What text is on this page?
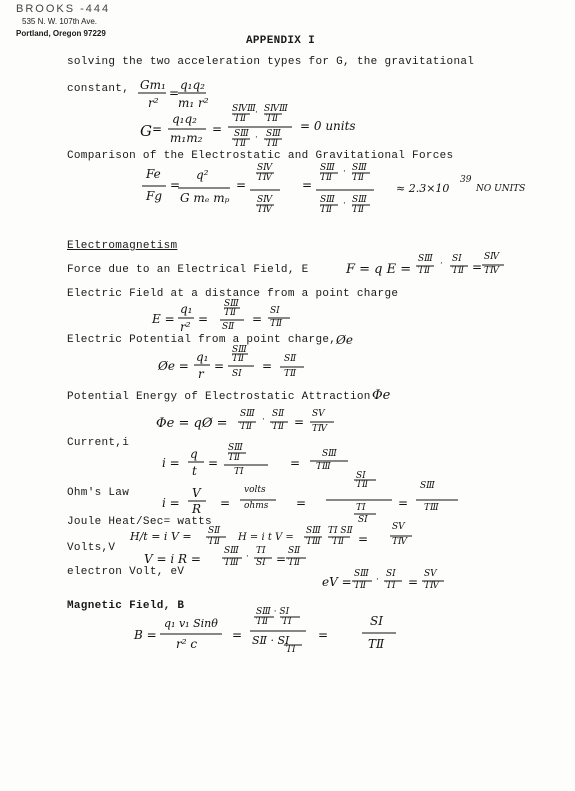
BROOKS -444
535 N. W. 107th Ave.
Portland, Oregon 97229
APPENDIX I
solving the two acceleration types for G, the gravitational
constant, Gm₁
r²
=
q₁q₂
m₁ r²
G =
q₁q₂
m₁m₂
=
SⅣⅢ
TⅡ
· SⅣⅢ
TⅡ
SⅢ
TⅡ
· SⅢ
TⅡ
= 0 units
Comparison of the Electrostatic and Gravitational Forces
Fe
Fg
=
q²
G mₑ mₚ
=
SⅣ
TⅣ
SⅣ
TⅣ
=
SⅢ
TⅡ
· SⅢ
TⅡ
SⅢ
TⅡ
· SⅢ
TⅡ
≈ 2.3×10
39
NO UNITS
Electromagnetism
Force due to an Electrical Field, E	F = q E =
SⅢ
TⅡ
· SⅠ
TⅡ =
SⅣ
TⅣ
Electric Field at a distance from a point charge
E =
q₁
r²
=
SⅢ
TⅡ
SⅡ
=
SⅠ
TⅡ
Electric Potential from a point charge, Øe
Øe =
q₁
r
=
SⅢ
TⅡ
SⅠ
= SⅡ
TⅡ
Potential Energy of Electrostatic Attraction Φe
Φe = qØ =
SⅢ
TⅡ
·
SⅡ
TⅡ =
SⅤ
TⅣ
Current,i
i =
q
t
=
SⅢ
TⅡ
TⅠ
=
SⅢ
TⅢ
Ohm's Law
i =
V
R =
volts
ohms =
SⅠ
TⅡ
TⅠ
SⅠ
=
SⅢ
TⅢ
Joule Heat/Sec= watts
H/t = i V = SⅡ
TⅡ H = i t V =
SⅢ
TⅢ
TⅠ SⅡ
TⅡ =
SⅤ
TⅣ
Volts,V
V = i R =
SⅢ
TⅢ
·
TⅠ
SⅠ =
SⅡ
TⅡ
electron Volt, eV
eV =
SⅢ
TⅡ
·
SⅠ
TⅠ =
SⅤ
TⅣ
Magnetic Field, B
B =
q₁ v₁ Sinθ
r² c
=
SⅢ · SⅠ
TⅡ TⅠ
SⅡ · SⅠ
TⅠ
=
SⅠ
TⅡ
